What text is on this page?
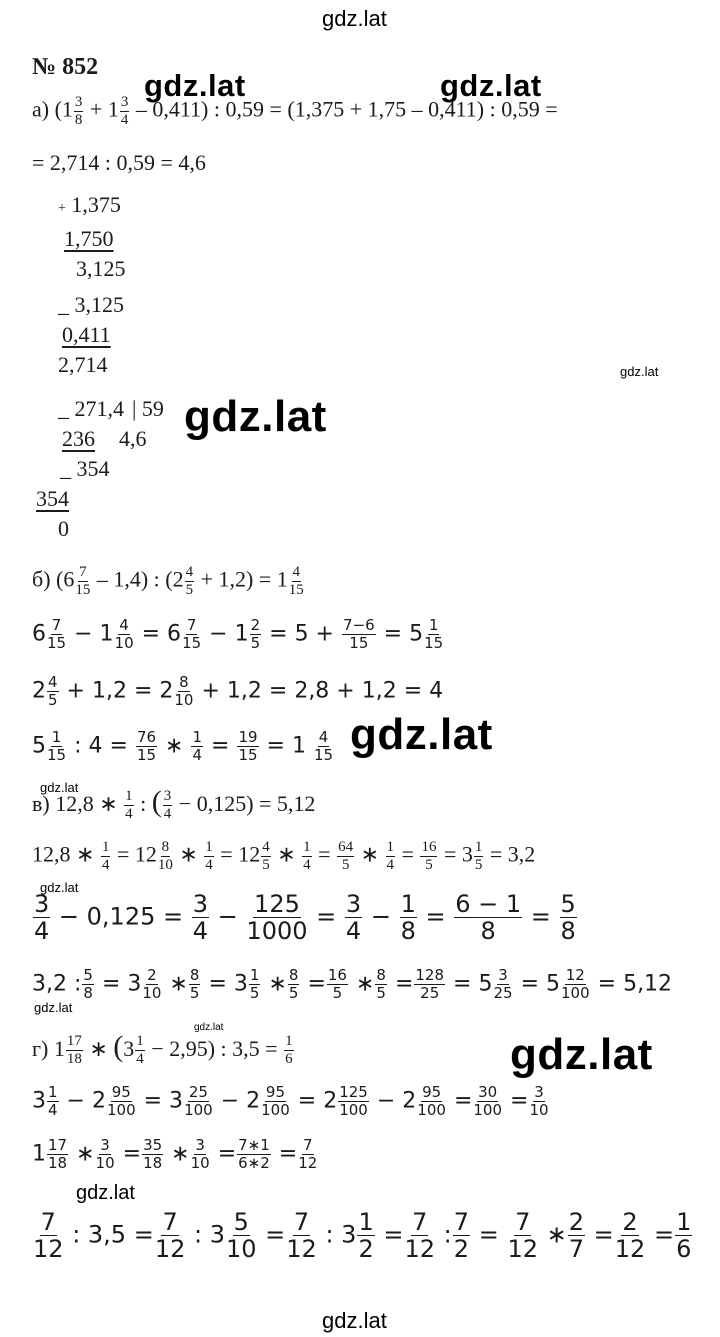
gdz.lat
gdz.lat	gdz.lat
gdz.lat
gdz.lat
gdz.lat
gdz.lat
gdz.lat
gdz.lat
gdz.lat
gdz.lat
gdz.lat
gdz.lat
№ 852
а) $(1 \frac{3}{8} + 1 \frac{3}{4} - 0,411)$ : 0,59 = (1,375 + 1,75 – 0,411) : 0,59 =
= 2,714 : 0,59 = 4,6
+ 1,375
1,750
3,125
_ 3,125
0,411
2,714
_ 271,4 | 59
236 4,6
_ 354
354
0
б) $(6 \frac{7}{15} - 1,4)$ : $(2 \frac{4}{5} + 1,2) = 1 \frac{4}{15}$
$6 \frac{7}{15} - 1 \frac{4}{10} = 6 \frac{7}{15} - 1 \frac{2}{5} = 5 + \frac{7-6}{15} = 5 \frac{1}{15}$
$2 \frac{4}{5} + 1,2 = 2 \frac{8}{10} + 1,2 = 2,8 + 1,2 = 4$
$5 \frac{1}{15}$ : $4 = \frac{76}{15}$ ∗ $\frac{1}{4} = \frac{19}{15} = 1 \frac{4}{15}$
в) 12,8 ∗ $\frac{1}{4}$ : ( $\frac{3}{4} - 0,125) = 5,12$
12,8 ∗ $\frac{1}{4} = 12 \frac{8}{10}$ ∗ $\frac{1}{4} = 12 \frac{4}{5}$ ∗ $\frac{1}{4} = \frac{64}{5}$ ∗ $\frac{1}{4} = \frac{16}{5} = 3 \frac{1}{5} = 3,2$
$\frac{3}{4} - 0,125 = \frac{3}{4} - \frac{125}{1000} = \frac{3}{4} - \frac{1}{8} = \frac{6 - 1}{8} = \frac{5}{8}$
3,2 : $\frac{5}{8} = 3 \frac{2}{10}$ ∗ $\frac{8}{5} = 3 \frac{1}{5}$ ∗ $\frac{8}{5} = \frac{16}{5}$ ∗ $\frac{8}{5} = \frac{128}{25} = 5 \frac{3}{25} = 5 \frac{12}{100} = 5,12$
г) $1 \frac{17}{18}$ ∗ $(3 \frac{1}{4} - 2,95)$ : $3,5 = \frac{1}{6}$
$3 \frac{1}{4} - 2 \frac{95}{100} = 3 \frac{25}{100} - 2 \frac{95}{100} = 2 \frac{125}{100} - 2 \frac{95}{100} = \frac{30}{100} = \frac{3}{10}$
$1 \frac{17}{18}$ ∗ $\frac{3}{10} = \frac{35}{18}$ ∗ $\frac{3}{10} = \frac{7∗1}{6∗2} = \frac{7}{12}$
$\frac{7}{12}$ : $3,5 = \frac{7}{12}$ : $3 \frac{5}{10} = \frac{7}{12}$ : $3 \frac{1}{2} = \frac{7}{12}$ : $\frac{7}{2} = \frac{7}{12}$ ∗ $\frac{2}{7} = \frac{2}{12} = \frac{1}{6}$
